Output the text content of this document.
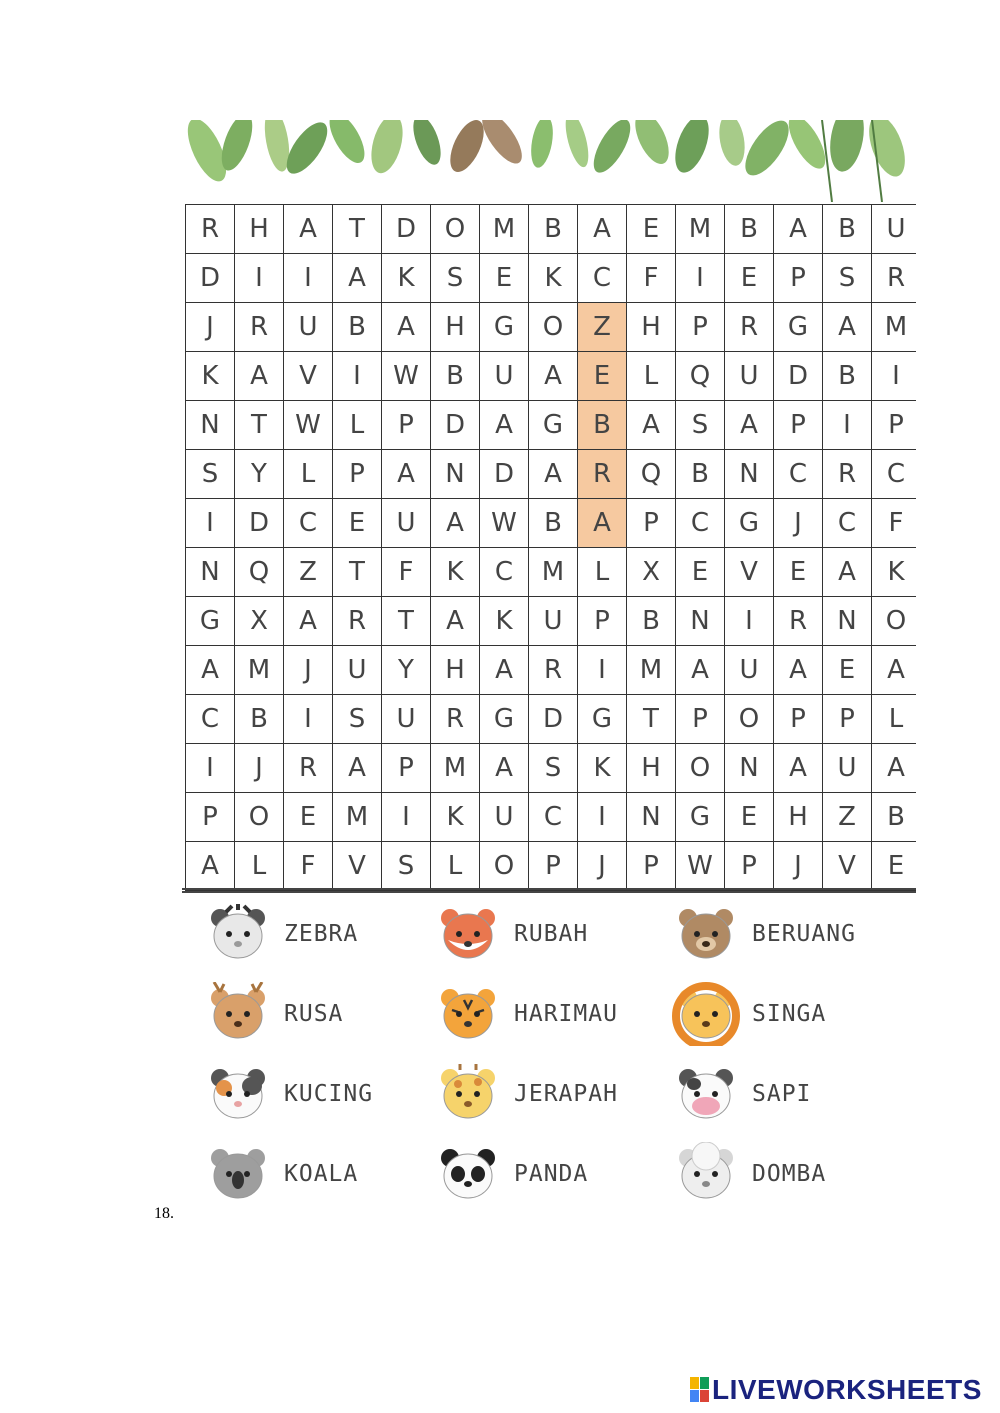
R	H	A	T	D	O	M	B	A	E	M	B	A	B	U
D	I	I	A	K	S	E	K	C	F	I	E	P	S	R
J	R	U	B	A	H	G	O	Z	H	P	R	G	A	M
K	A	V	I	W	B	U	A	E	L	Q	U	D	B	I
N	T	W	L	P	D	A	G	B	A	S	A	P	I	P
S	Y	L	P	A	N	D	A	R	Q	B	N	C	R	C
I	D	C	E	U	A	W	B	A	P	C	G	J	C	F
N	Q	Z	T	F	K	C	M	L	X	E	V	E	A	K
G	X	A	R	T	A	K	U	P	B	N	I	R	N	O
A	M	J	U	Y	H	A	R	I	M	A	U	A	E	A
C	B	I	S	U	R	G	D	G	T	P	O	P	P	L
I	J	R	A	P	M	A	S	K	H	O	N	A	U	A
P	O	E	M	I	K	U	C	I	N	G	E	H	Z	B
A	L	F	V	S	L	O	P	J	P	W	P	J	V	E
ZEBRA	RUBAH	BERUANG
RUSA	HARIMAU	SINGA
KUCING	JERAPAH	SAPI
KOALA	PANDA	DOMBA
18.
LIVEWORKSHEETS
